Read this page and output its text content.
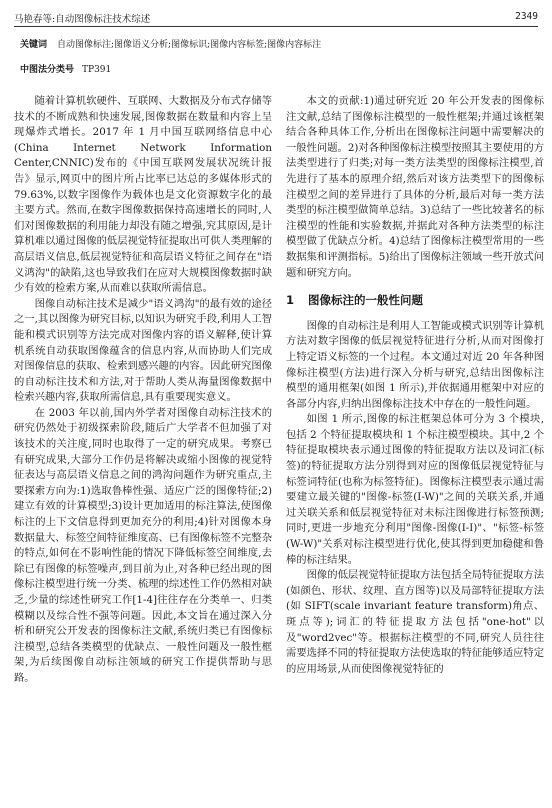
马艳春等:自动图像标注技术综述	2349
关键词 自动图像标注;图像语义分析;图像标识;图像内容标签;图像内容标注
中图法分类号 TP391

随着计算机软硬件、互联网、大数据及分布式存储等技术的不断成熟和快速发展,图像数据在数量和内容上呈现爆炸式增长。2017 年 1 月中国互联网络信息中心(China Internet Network Information Center,CNNIC)发布的《中国互联网发展状况统计报告》显示,网页中的图片所占比率已达总的多媒体形式的 79.63%,以数字图像作为载体也是文化资源数字化的最主要方式。然而,在数字图像数据保持高速增长的同时,人们对图像数据的利用能力却没有随之增强,究其原因,是计算机难以通过图像的低层视觉特征提取出可供人类理解的高层语义信息,低层视觉特征和高层语义特征之间存在"语义鸿沟"的缺陷,这也导致我们在应对大规模图像数据时缺少有效的检索方案,从而难以获取所需信息。

图像自动标注技术是减少"语义鸿沟"的最有效的途径之一,其以图像为研究目标,以知识为研究手段,利用人工智能和模式识别等方法完成对图像内容的语义解释,使计算机系统自动获取图像蕴含的信息内容,从而协助人们完成对图像信息的获取、检索到感兴趣的内容。因此研究图像的自动标注技术和方法,对于帮助人类从海量图像数据中检索兴趣内容,获取所需信息,具有重要现实意义。

在 2003 年以前,国内外学者对图像自动标注技术的研究仍然处于初级探索阶段,随后广大学者不但加强了对该技术的关注度,同时也取得了一定的研究成果。考察已有研究成果,大部分工作仍是将解决或缩小图像的视觉特征表达与高层语义信息之间的鸿沟问题作为研究重点,主要探索方向为:1)选取鲁棒性强、适应广泛的图像特征;2)建立有效的计算模型;3)设计更加适用的标注算法,使图像标注的上下文信息得到更加充分的利用;4)针对图像本身数据量大、标签空间特征维度高、已有图像标签不完整杂的特点,如何在不影响性能的情况下降低标签空间维度,去除已有图像的标签噪声,到目前为止,对各种已经出现的图像标注模型进行统一分类、梳理的综述性工作仍然相对缺乏,少量的综述性研究工作[1-4]往往存在分类单一、归类模糊以及综合性不强等问题。因此,本文旨在通过深入分析和研究公开发表的图像标注文献,系统归类已有图像标注模型,总结各类模型的优缺点、一般性问题及一般性框架,为后续图像自动标注领域的研究工作提供帮助与思路。

本文的贡献:1)通过研究近 20 年公开发表的图像标注文献,总结了图像标注模型的一般性框架;并通过该框架结合各种具体工作,分析出在图像标注问题中需要解决的一般性问题。2)对各种图像标注模型按照其主要使用的方法类型进行了归类;对每一类方法类型的图像标注模型,首先进行了基本的原理介绍,然后对该方法类型下的图像标注模型之间的差异进行了具体的分析,最后对每一类方法类型的标注模型做简单总结。3)总结了一些比较著名的标注模型的性能和实验数据,并据此对各种方法类型的标注模型做了优缺点分析。4)总结了图像标注模型常用的一些数据集和评测指标。5)给出了图像标注领域一些开放式问题和研究方向。

1 图像标注的一般性问题

图像的自动标注是利用人工智能或模式识别等计算机方法对数字图像的低层视觉特征进行分析,从而对图像打上特定语义标签的一个过程。本文通过对近 20 年各种图像标注模型(方法)进行深入分析与研究,总结出图像标注模型的通用框架(如图 1 所示),并依据通用框架中对应的各部分内容,归纳出图像标注技术中存在的一般性问题。

如图 1 所示,图像的标注框架总体可分为 3 个模块,包括 2 个特征提取模块和 1 个标注模型模块。其中,2 个特征提取模块表示通过图像的特征提取方法以及词汇(标签)的特征提取方法分别得到对应的图像低层视觉特征与标签词特征(也称为标签特征)。图像标注模型表示通过需要建立最关键的"图像-标签(I-W)"之间的关联关系,并通过关联关系和低层视觉特征对未标注图像进行标签预测;同时,更进一步地充分利用"图像-图像(I-I)"、"标签-标签(W-W)"关系对标注模型进行优化,使其得到更加稳健和鲁棒的标注结果。

图像的低层视觉特征提取方法包括全局特征提取方法(如颜色、形状、纹理、直方图等)以及局部特征提取方法(如 SIFT(scale invariant feature transform)角点、斑点等);词汇的特征提取方法包括"one-hot"以及"word2vec"等。根据标注模型的不同,研究人员往往需要选择不同的特征提取方法使选取的特征能够适应特定的应用场景,从而使图像视觉特征的
